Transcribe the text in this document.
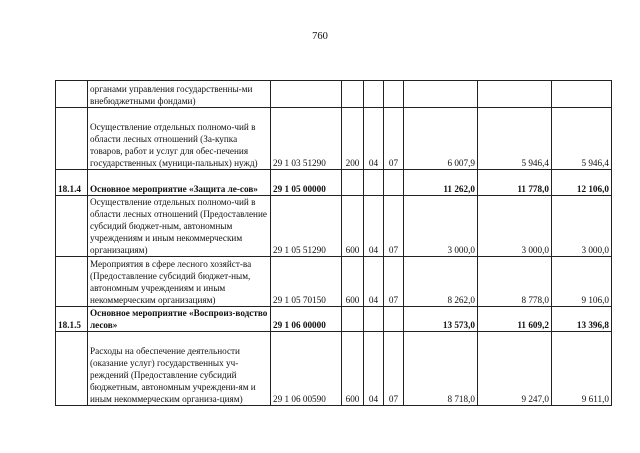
760
	органами управления государственны-ми внебюджетными фондами)							
	Осуществление отдельных полномо-чий в области лесных отношений (За-купка товаров, работ и услуг для обес-печения государственных (муници-пальных) нужд)	29 1 03 51290	200	04	07	6 007,9	5 946,4	5 946,4
18.1.4	Основное мероприятие «Защита ле-сов»	29 1 05 00000				11 262,0	11 778,0	12 106,0
	Осуществление отдельных полномо-чий в области лесных отношений (Предоставление субсидий бюджет-ным, автономным учреждениям и иным некоммерческим организациям)	29 1 05 51290	600	04	07	3 000,0	3 000,0	3 000,0
	Мероприятия в сфере лесного хозяйст-ва (Предоставление субсидий бюджет-ным, автономным учреждениям и иным некоммерческим организациям)	29 1 05 70150	600	04	07	8 262,0	8 778,0	9 106,0
18.1.5	Основное мероприятие «Воспроиз-водство лесов»	29 1 06 00000				13 573,0	11 609,2	13 396,8
	Расходы на обеспечение деятельности (оказание услуг) государственных уч-реждений (Предоставление субсидий бюджетным, автономным учреждени-ям и иным некоммерческим организа-циям)	29 1 06 00590	600	04	07	8 718,0	9 247,0	9 611,0
